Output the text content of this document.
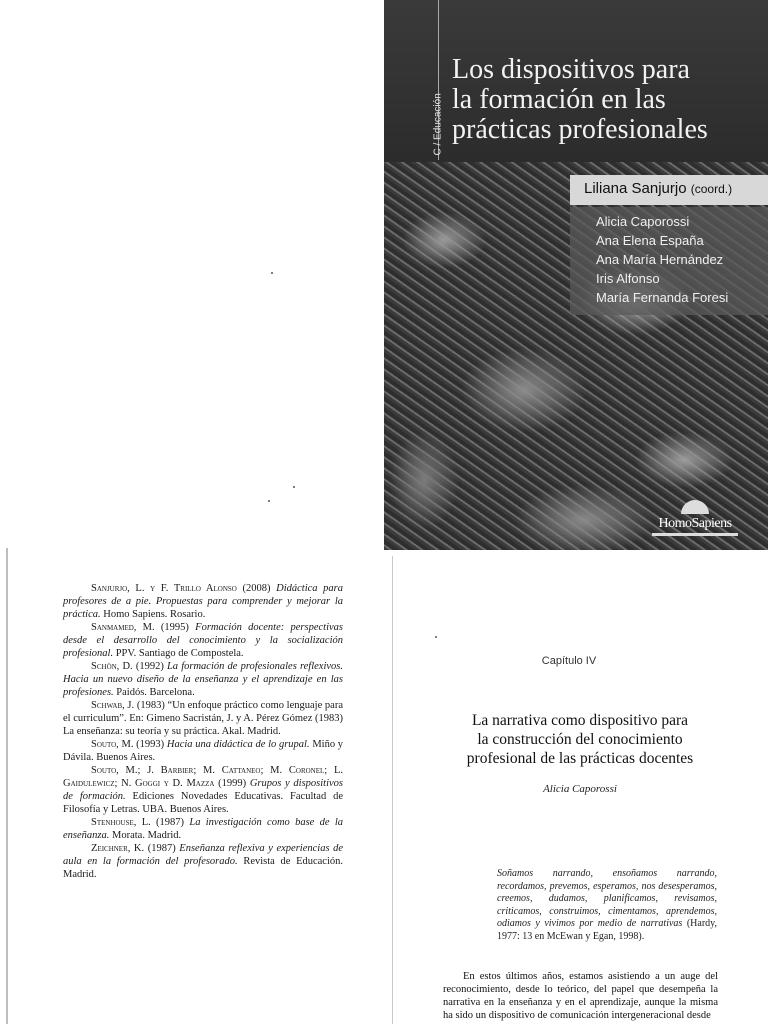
C / Educación
Los dispositivos para
la formación en las
prácticas profesionales
Liliana Sanjurjo (coord.)
Alicia Caporossi
Ana Elena España
Ana María Hernández
Iris Alfonso
María Fernanda Foresi
HomoSapiens
Sanjurjo, L. y F. Trillo Alonso (2008) Didáctica para profesores de a pie. Propuestas para comprender y mejorar la práctica. Homo Sapiens. Rosario.
Sanmamed, M. (1995) Formación docente: perspectivas desde el desarrollo del conocimiento y la socialización profesional. PPV. Santiago de Compostela.
Schön, D. (1992) La formación de profesionales reflexivos. Hacia un nuevo diseño de la enseñanza y el aprendizaje en las profesiones. Paidós. Barcelona.
Schwab, J. (1983) “Un enfoque práctico como lenguaje para el curriculum”. En: Gimeno Sacristán, J. y A. Pérez Gómez (1983) La enseñanza: su teoría y su práctica. Akal. Madrid.
Souto, M. (1993) Hacia una didáctica de lo grupal. Miño y Dávila. Buenos Aires.
Souto, M.; J. Barbier; M. Cattaneo; M. Coronel; L. Gaidulewicz; N. Goggi y D. Mazza (1999) Grupos y dispositivos de formación. Ediciones Novedades Educativas. Facultad de Filosofía y Letras. UBA. Buenos Aires.
Stenhouse, L. (1987) La investigación como base de la enseñanza. Morata. Madrid.
Zeichner, K. (1987) Enseñanza reflexiva y experiencias de aula en la formación del profesorado. Revista de Educación. Madrid.
Capítulo IV
La narrativa como dispositivo para
la construcción del conocimiento
profesional de las prácticas docentes
Alicia Caporossi
Soñamos narrando, ensoñamos narrando, recordamos, prevemos, esperamos, nos desesperamos, creemos, dudamos, planificamos, revisamos, criticamos, construimos, cimentamos, aprendemos, odiamos y vivimos por medio de narrativas (Hardy, 1977: 13 en McEwan y Egan, 1998).
En estos últimos años, estamos asistiendo a un auge del reconocimiento, desde lo teórico, del papel que desempeña la narrativa en la enseñanza y en el aprendizaje, aunque la misma ha sido un dispositivo de comunicación intergeneracional desde
